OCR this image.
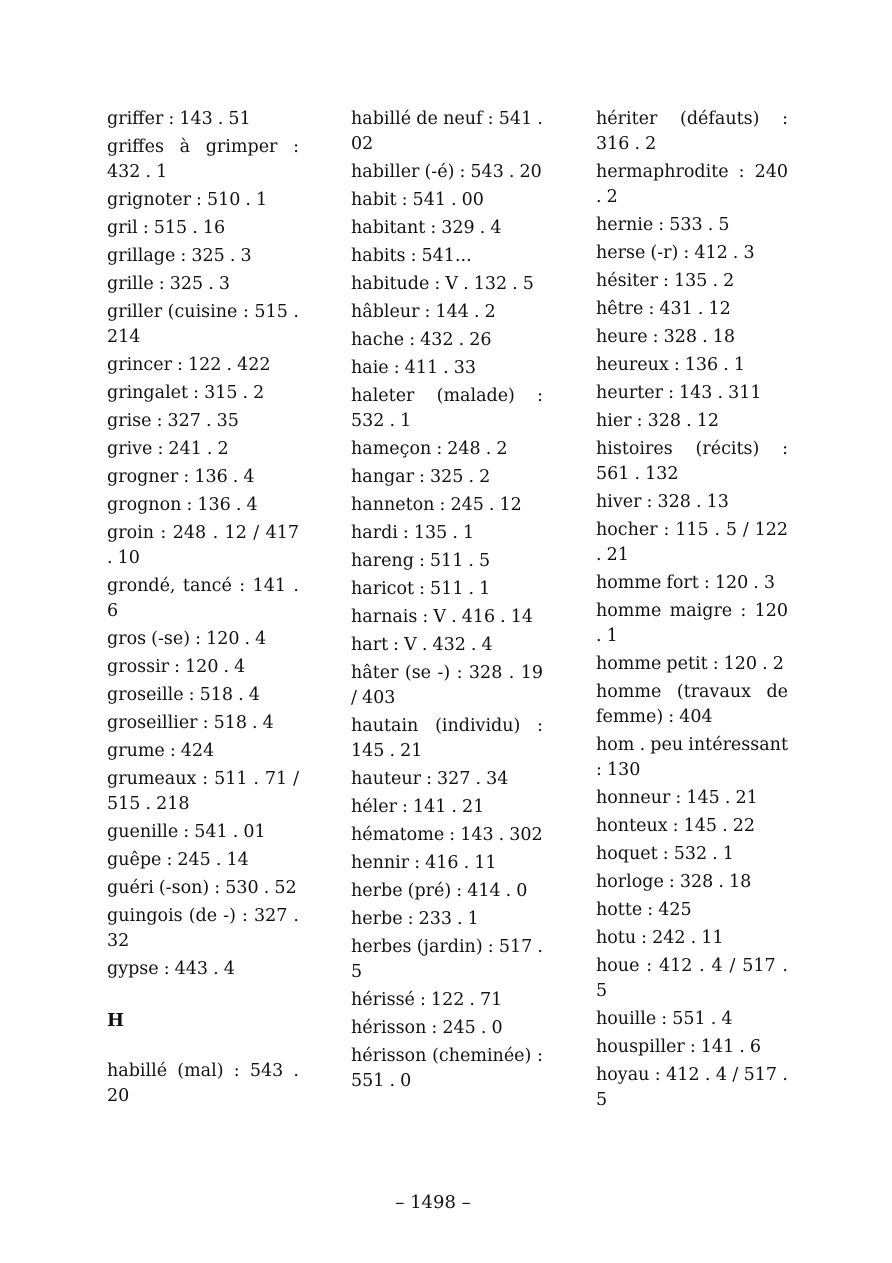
griffer : 143 . 51
griffes à grimper : 432 . 1
grignoter : 510 . 1
gril : 515 . 16
grillage : 325 . 3
grille : 325 . 3
griller (cuisine : 515 . 214
grincer : 122 . 422
gringalet : 315 . 2
grise : 327 . 35
grive : 241 . 2
grogner : 136 . 4
grognon : 136 . 4
groin : 248 . 12 / 417 . 10
grondé, tancé : 141 . 6
gros (-se) : 120 . 4
grossir : 120 . 4
groseille : 518 . 4
groseillier : 518 . 4
grume : 424
grumeaux : 511 . 71 / 515 . 218
guenille : 541 . 01
guêpe : 245 . 14
guéri (-son) : 530 . 52
guingois (de -) : 327 . 32
gypse : 443 . 4
H
habillé (mal) : 543 . 20
habillé de neuf : 541 . 02
habiller (-é) : 543 . 20
habit : 541 . 00
habitant : 329 . 4
habits : 541...
habitude : V . 132 . 5
hâbleur : 144 . 2
hache : 432 . 26
haie : 411 . 33
haleter (malade) : 532 . 1
hameçon : 248 . 2
hangar : 325 . 2
hanneton : 245 . 12
hardi : 135 . 1
hareng : 511 . 5
haricot : 511 . 1
harnais : V . 416 . 14
hart : V . 432 . 4
hâter (se -) : 328 . 19 / 403
hautain (individu) : 145 . 21
hauteur : 327 . 34
héler : 141 . 21
hématome : 143 . 302
hennir : 416 . 11
herbe (pré) : 414 . 0
herbe : 233 . 1
herbes (jardin) : 517 . 5
hérissé : 122 . 71
hérisson : 245 . 0
hérisson (cheminée) : 551 . 0
hériter (défauts) : 316 . 2
hermaphrodite : 240 . 2
hernie : 533 . 5
herse (-r) : 412 . 3
hésiter : 135 . 2
hêtre : 431 . 12
heure : 328 . 18
heureux : 136 . 1
heurter : 143 . 311
hier : 328 . 12
histoires (récits) : 561 . 132
hiver : 328 . 13
hocher : 115 . 5 / 122 . 21
homme fort : 120 . 3
homme maigre : 120 . 1
homme petit : 120 . 2
homme (travaux de femme) : 404
hom . peu intéressant : 130
honneur : 145 . 21
honteux : 145 . 22
hoquet : 532 . 1
horloge : 328 . 18
hotte : 425
hotu : 242 . 11
houe : 412 . 4 / 517 . 5
houille : 551 . 4
houspiller : 141 . 6
hoyau : 412 . 4 / 517 . 5
– 1498 –
